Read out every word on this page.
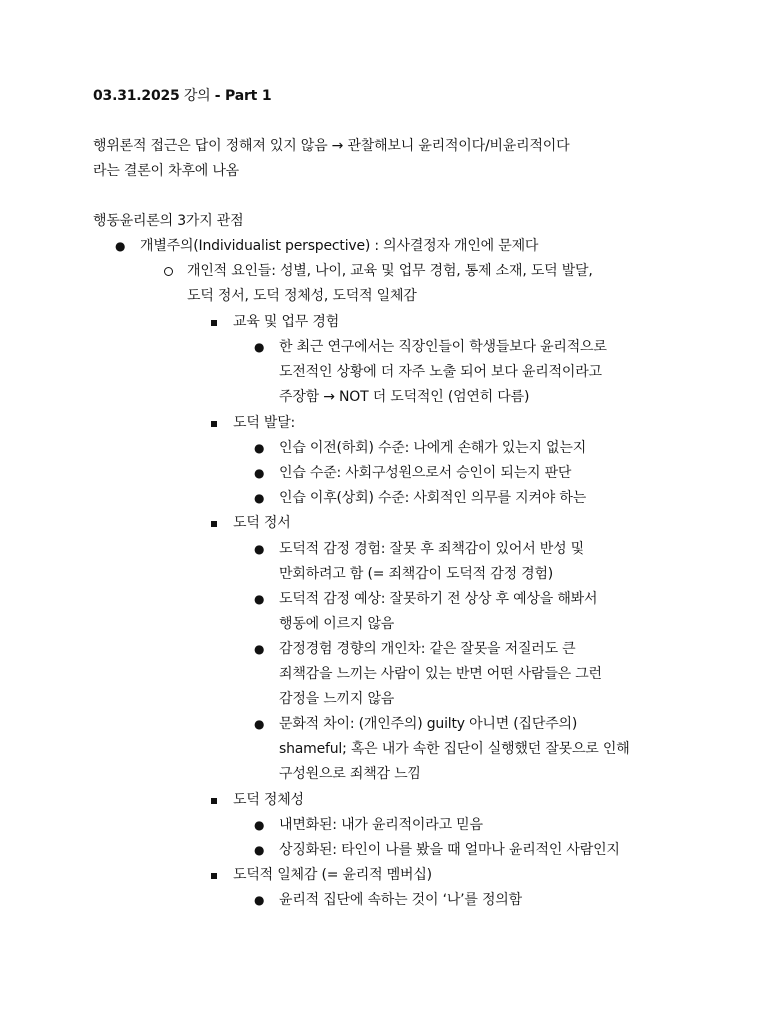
03.31.2025 강의 - Part 1
행위론적 접근은 답이 정해져 있지 않음 → 관찰해보니 윤리적이다/비윤리적이다
라는 결론이 차후에 나옴
행동윤리론의 3가지 관점
● 개별주의(Individualist perspective) : 의사결정자 개인에 문제다
개인적 요인들: 성별, 나이, 교육 및 업무 경험, 통제 소재, 도덕 발달,
도덕 정서, 도덕 정체성, 도덕적 일체감
교육 및 업무 경험
● 한 최근 연구에서는 직장인들이 학생들보다 윤리적으로
도전적인 상황에 더 자주 노출 되어 보다 윤리적이라고
주장함 → NOT 더 도덕적인 (엄연히 다름)
도덕 발달:
● 인습 이전(하회) 수준: 나에게 손해가 있는지 없는지
● 인습 수준: 사회구성원으로서 승인이 되는지 판단
● 인습 이후(상회) 수준: 사회적인 의무를 지켜야 하는
도덕 정서
● 도덕적 감정 경험: 잘못 후 죄책감이 있어서 반성 및
만회하려고 함 (= 죄책감이 도덕적 감정 경험)
● 도덕적 감정 예상: 잘못하기 전 상상 후 예상을 해봐서
행동에 이르지 않음
● 감정경험 경향의 개인차: 같은 잘못을 저질러도 큰
죄책감을 느끼는 사람이 있는 반면 어떤 사람들은 그런
감정을 느끼지 않음
● 문화적 차이: (개인주의) guilty 아니면 (집단주의)
shameful; 혹은 내가 속한 집단이 실행했던 잘못으로 인해
구성원으로 죄책감 느낌
도덕 정체성
● 내면화된: 내가 윤리적이라고 믿음
● 상징화된: 타인이 나를 봤을 때 얼마나 윤리적인 사람인지
도덕적 일체감 (= 윤리적 멤버십)
● 윤리적 집단에 속하는 것이 ‘나’를 정의함
